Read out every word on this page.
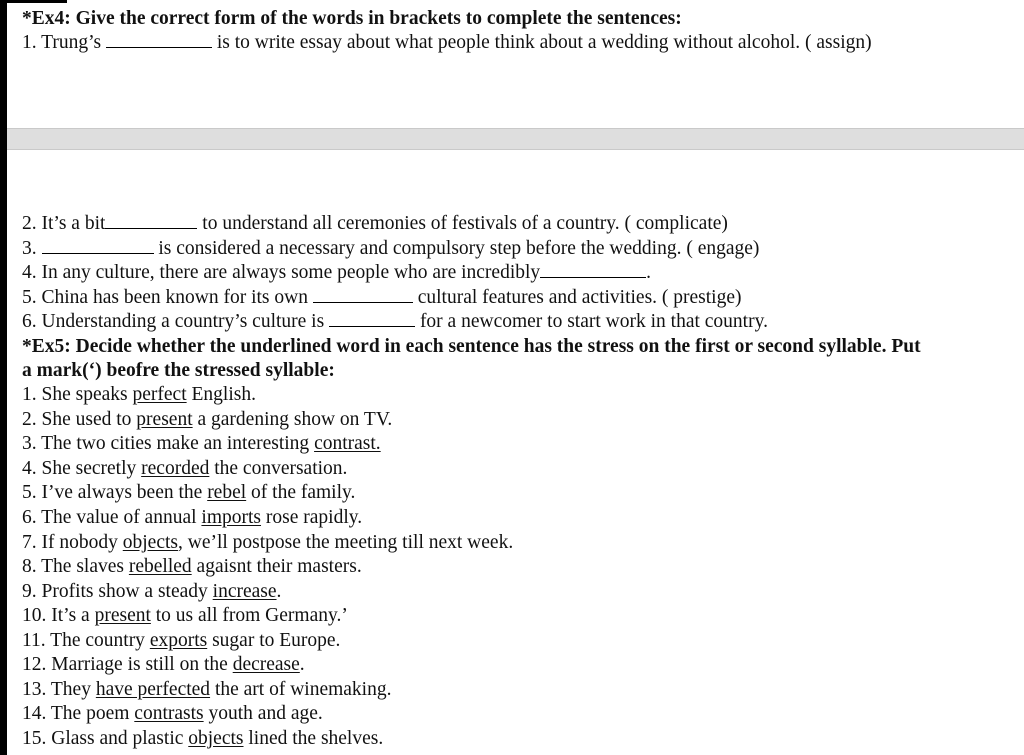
*Ex4: Give the correct form of the words in brackets to complete the sentences:
1. Trung’s	is to write essay about what people think about a wedding without alcohol. ( assign)
2. It’s a bit	to understand all ceremonies of festivals of a country. ( complicate)
3.	is considered a necessary and compulsory step before the wedding. ( engage)
4. In any culture, there are always some people who are incredibly	.
5. China has been known for its own	cultural features and activities. ( prestige)
6. Understanding a country’s culture is	for a newcomer to start work in that country.
*Ex5: Decide whether the underlined word in each sentence has the stress on the first or second syllable. Put
a mark(‘) beofre the stressed syllable:
1. She speaks perfect English.
2. She used to present a gardening show on TV.
3. The two cities make an interesting contrast.
4. She secretly recorded the conversation.
5. I’ve always been the rebel of the family.
6. The value of annual imports rose rapidly.
7. If nobody objects, we’ll postpose the meeting till next week.
8. The slaves rebelled agaisnt their masters.
9. Profits show a steady increase.
10. It’s a present to us all from Germany.’
11. The country exports sugar to Europe.
12. Marriage is still on the decrease.
13. They have perfected the art of winemaking.
14. The poem contrasts youth and age.
15. Glass and plastic objects lined the shelves.
